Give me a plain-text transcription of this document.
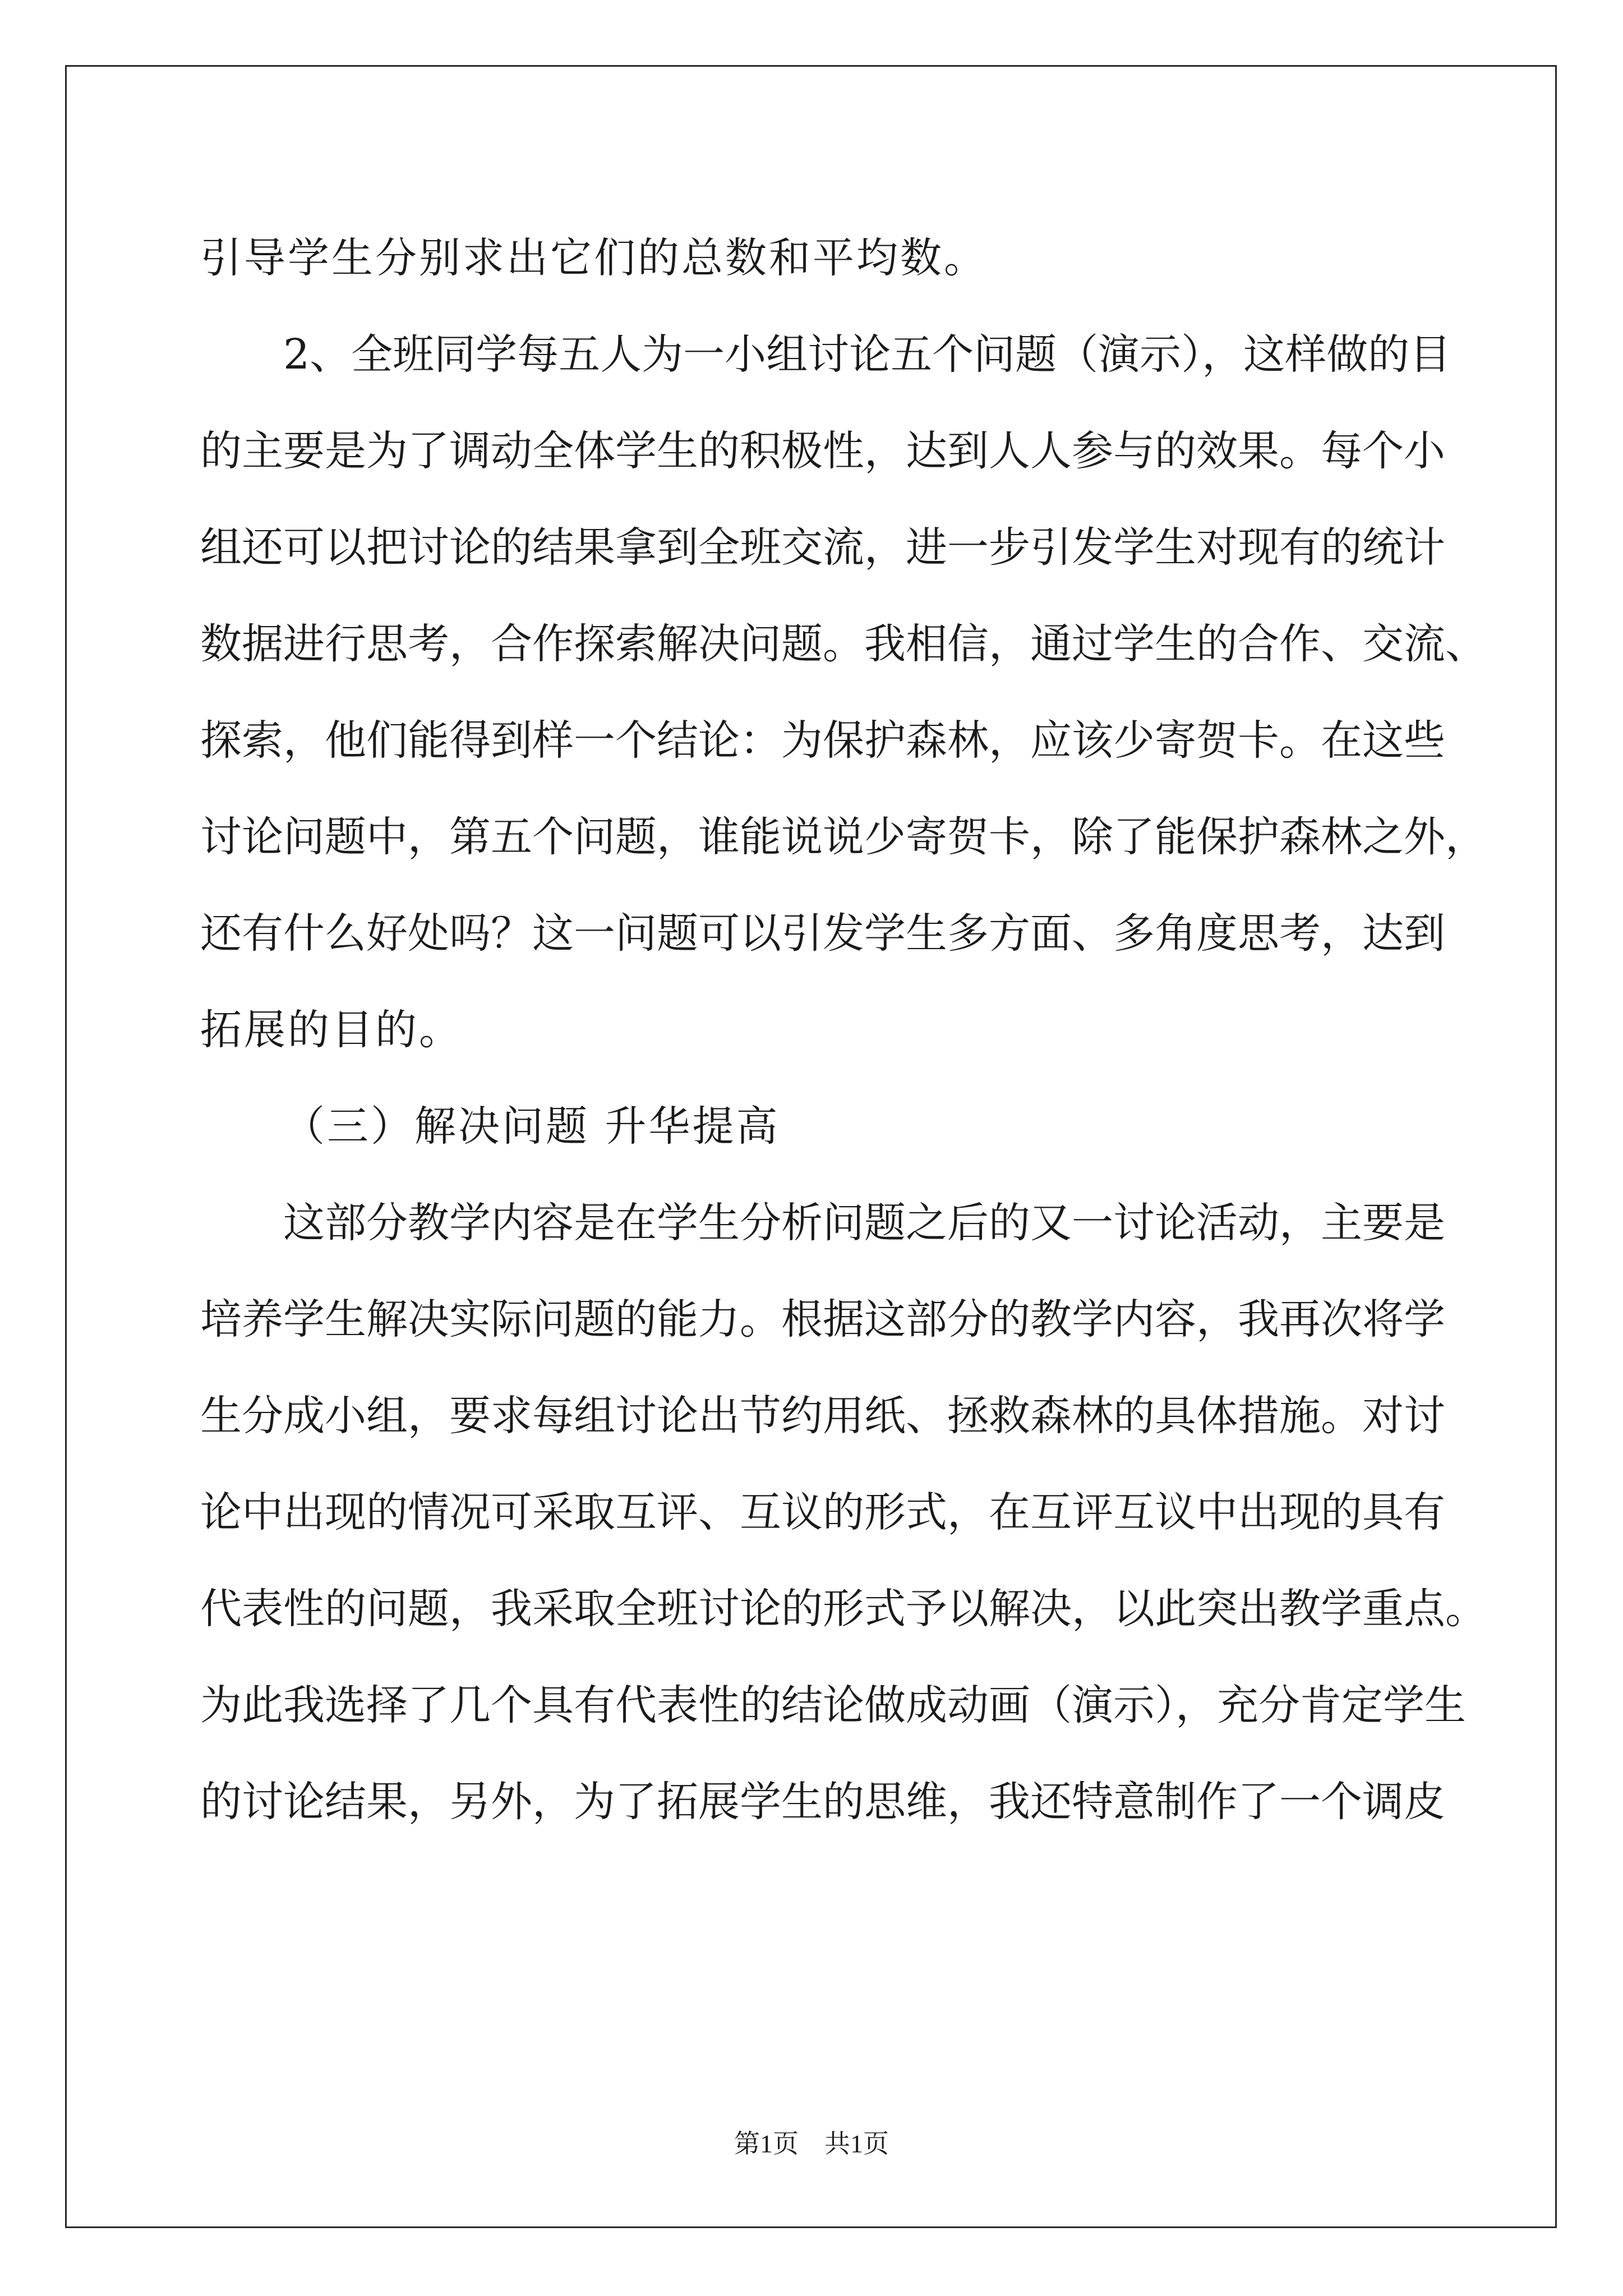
引导学生分别求出它们的总数和平均数。
2、全班同学每五人为一小组讨论五个问题（演示），这样做的目
的主要是为了调动全体学生的积极性，达到人人参与的效果。每个小
组还可以把讨论的结果拿到全班交流，进一步引发学生对现有的统计
数据进行思考，合作探索解决问题。我相信，通过学生的合作、交流、
探索，他们能得到样一个结论：为保护森林，应该少寄贺卡。在这些
讨论问题中，第五个问题，谁能说说少寄贺卡，除了能保护森林之外，
还有什么好处吗？这一问题可以引发学生多方面、多角度思考，达到
拓展的目的。
（三）解决问题 升华提高
这部分教学内容是在学生分析问题之后的又一讨论活动，主要是
培养学生解决实际问题的能力。根据这部分的教学内容，我再次将学
生分成小组，要求每组讨论出节约用纸、拯救森林的具体措施。对讨
论中出现的情况可采取互评、互议的形式，在互评互议中出现的具有
代表性的问题，我采取全班讨论的形式予以解决，以此突出教学重点。
为此我选择了几个具有代表性的结论做成动画（演示），充分肯定学生
的讨论结果，另外，为了拓展学生的思维，我还特意制作了一个调皮
第1页　共1页
